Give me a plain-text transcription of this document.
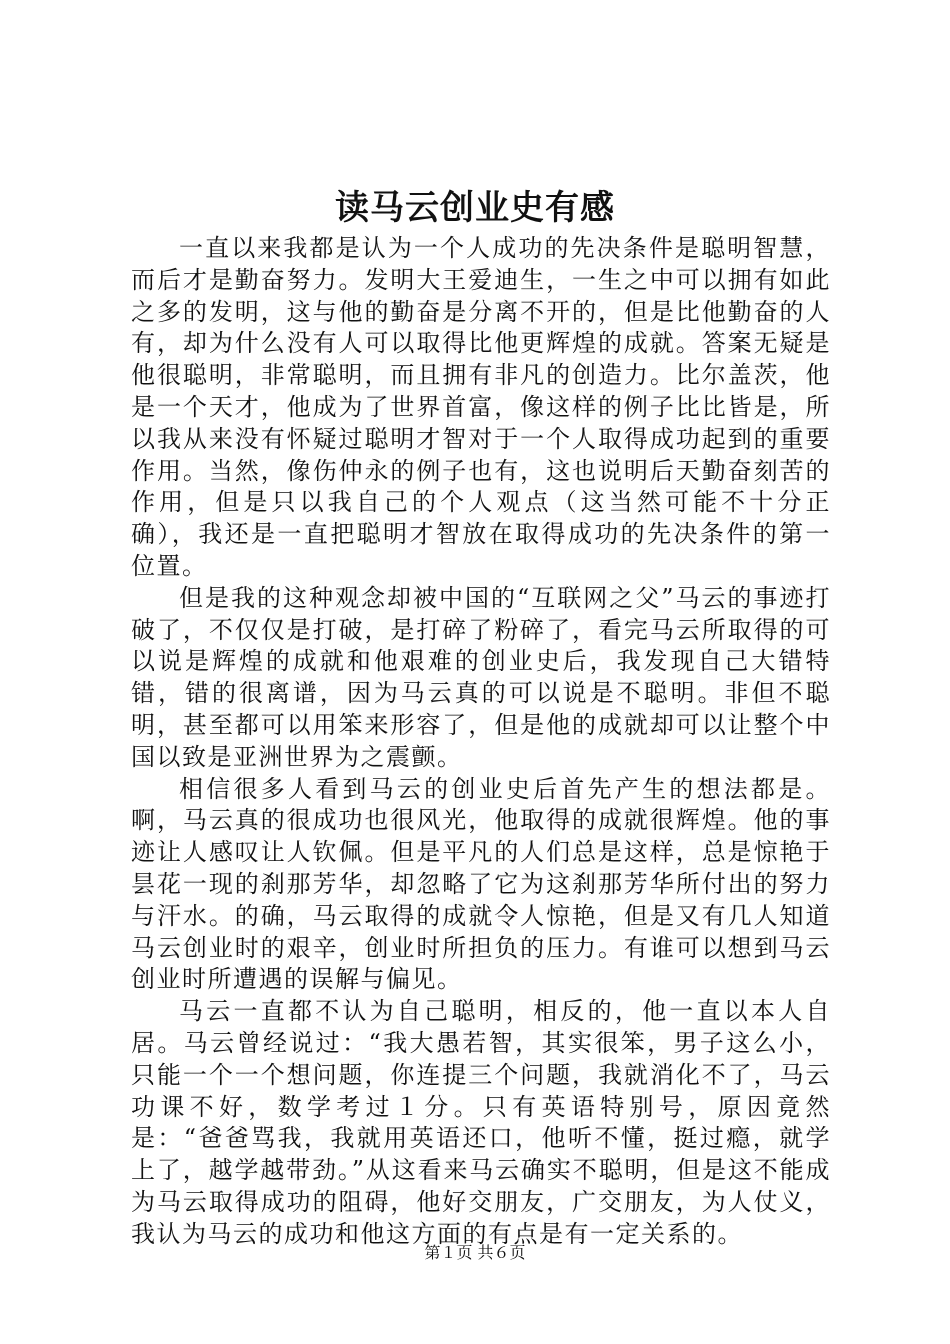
读马云创业史有感

一直以来我都是认为一个人成功的先决条件是聪明智慧，而后才是勤奋努力。发明大王爱迪生，一生之中可以拥有如此之多的发明，这与他的勤奋是分离不开的，但是比他勤奋的人有，却为什么没有人可以取得比他更辉煌的成就。答案无疑是他很聪明，非常聪明，而且拥有非凡的创造力。比尔盖茨，他是一个天才，他成为了世界首富，像这样的例子比比皆是，所以我从来没有怀疑过聪明才智对于一个人取得成功起到的重要作用。当然，像伤仲永的例子也有，这也说明后天勤奋刻苦的作用，但是只以我自己的个人观点（这当然可能不十分正确），我还是一直把聪明才智放在取得成功的先决条件的第一位置。

但是我的这种观念却被中国的“互联网之父”马云的事迹打破了，不仅仅是打破，是打碎了粉碎了，看完马云所取得的可以说是辉煌的成就和他艰难的创业史后，我发现自己大错特错，错的很离谱，因为马云真的可以说是不聪明。非但不聪明，甚至都可以用笨来形容了，但是他的成就却可以让整个中国以致是亚洲世界为之震颤。

相信很多人看到马云的创业史后首先产生的想法都是。啊，马云真的很成功也很风光，他取得的成就很辉煌。他的事迹让人感叹让人钦佩。但是平凡的人们总是这样，总是惊艳于昙花一现的刹那芳华，却忽略了它为这刹那芳华所付出的努力与汗水。的确，马云取得的成就令人惊艳，但是又有几人知道马云创业时的艰辛，创业时所担负的压力。有谁可以想到马云创业时所遭遇的误解与偏见。

马云一直都不认为自己聪明，相反的，他一直以本人自居。马云曾经说过：“我大愚若智，其实很笨，男子这么小，只能一个一个想问题，你连提三个问题，我就消化不了，马云功课不好，数学考过１分。只有英语特别号，原因竟然是：“爸爸骂我，我就用英语还口，他听不懂，挺过瘾，就学上了，越学越带劲。”从这看来马云确实不聪明，但是这不能成为马云取得成功的阻碍，他好交朋友，广交朋友，为人仗义，我认为马云的成功和他这方面的有点是有一定关系的。

第１页 共６页
